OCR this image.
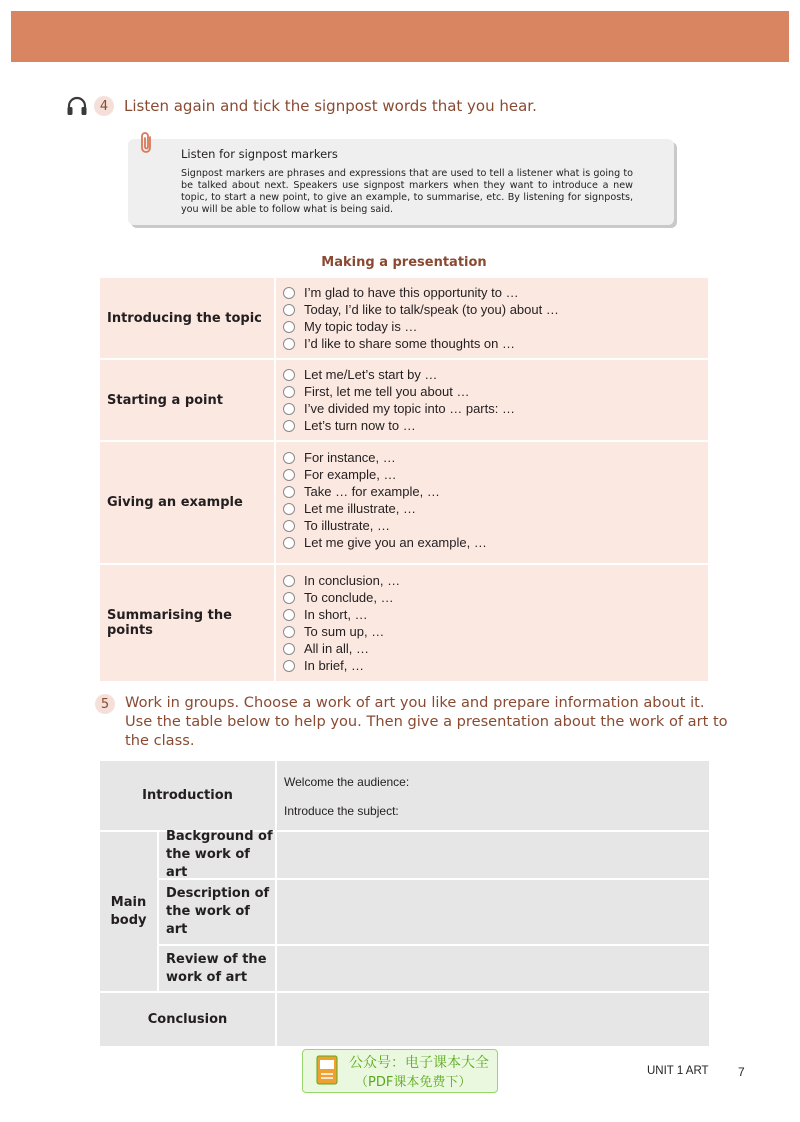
4	Listen again and tick the signpost words that you hear.
Listen for signpost markers
Signpost markers are phrases and expressions that are used to tell a listener what is going to be talked about next. Speakers use signpost markers when they want to introduce a new topic, to start a new point, to give an example, to summarise, etc. By listening for signposts, you will be able to follow what is being said.
Making a presentation
Introducing the topic
I’m glad to have this opportunity to …
Today, I’d like to talk/speak (to you) about …
My topic today is …
I’d like to share some thoughts on …
Starting a point
Let me/Let’s start by …
First, let me tell you about …
I’ve divided my topic into … parts: …
Let’s turn now to …
Giving an example
For instance, …
For example, …
Take … for example, …
Let me illustrate, …
To illustrate, …
Let me give you an example, …
Summarising the points
In conclusion, …
To conclude, …
In short, …
To sum up, …
All in all, …
In brief, …
5	Work in groups. Choose a work of art you like and prepare information about it. Use the table below to help you. Then give a presentation about the work of art to the class.
Introduction
Welcome the audience:
Introduce the subject:
Main body
Background of the work of art
Description of the work of art
Review of the work of art
Conclusion
公众号：电子课本大全
（PDF课本免费下）
UNIT 1 ART 7
